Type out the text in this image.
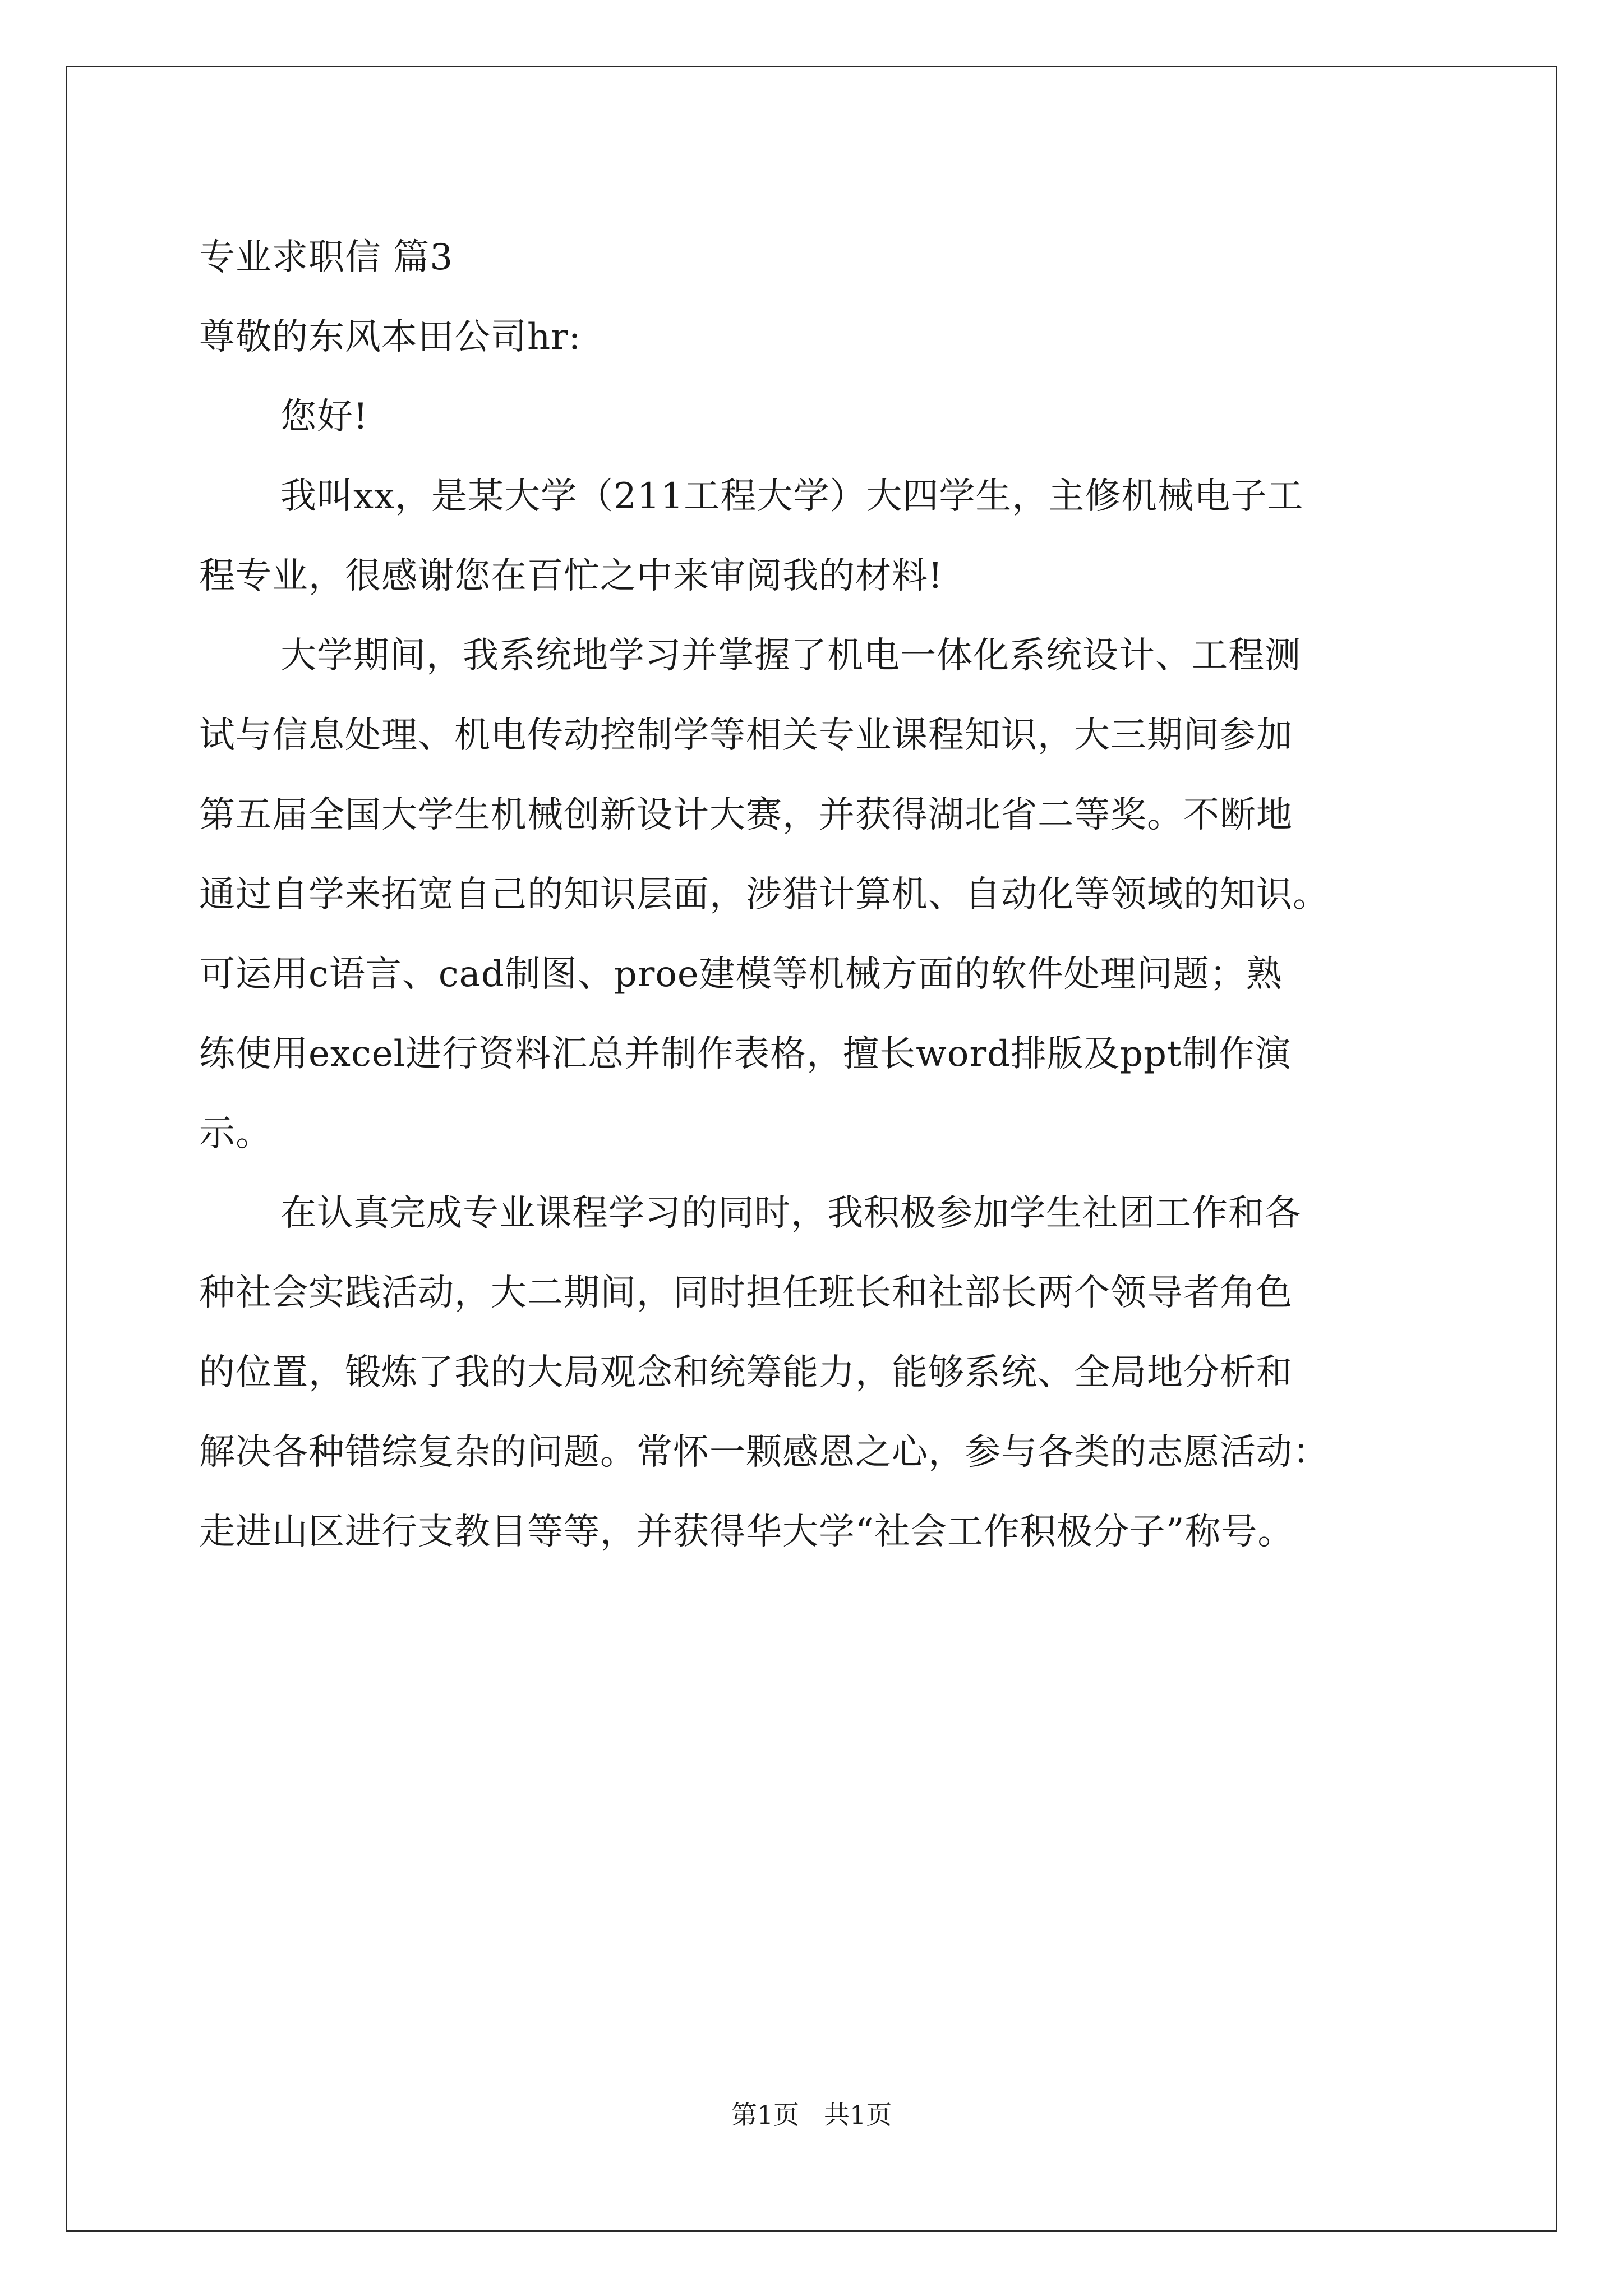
专业求职信 篇3
尊敬的东风本田公司hr:
您好!
我叫xx，是某大学（211工程大学）大四学生，主修机械电子工
程专业，很感谢您在百忙之中来审阅我的材料!
大学期间，我系统地学习并掌握了机电一体化系统设计、工程测
试与信息处理、机电传动控制学等相关专业课程知识，大三期间参加
第五届全国大学生机械创新设计大赛，并获得湖北省二等奖。不断地
通过自学来拓宽自己的知识层面，涉猎计算机、自动化等领域的知识。
可运用c语言、cad制图、proe建模等机械方面的软件处理问题；熟
练使用excel进行资料汇总并制作表格，擅长word排版及ppt制作演
示。
在认真完成专业课程学习的同时，我积极参加学生社团工作和各
种社会实践活动，大二期间，同时担任班长和社部长两个领导者角色
的位置，锻炼了我的大局观念和统筹能力，能够系统、全局地分析和
解决各种错综复杂的问题。常怀一颗感恩之心，参与各类的志愿活动：
走进山区进行支教目等等，并获得华大学“社会工作积极分子”称号。
第1页 共1页
